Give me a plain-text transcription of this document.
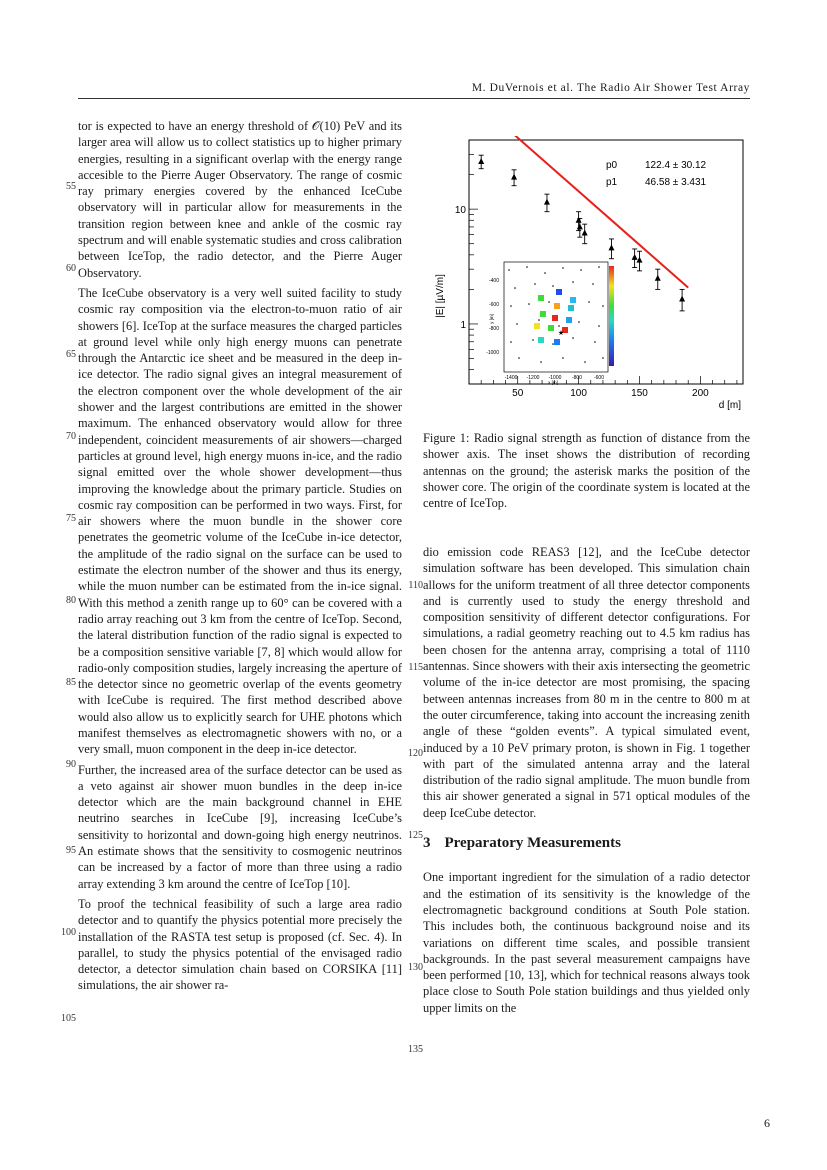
M. DuVernois et al. The Radio Air Shower Test Array

tor is expected to have an energy threshold of 𝒪(10) PeV and its larger area will allow us to collect statistics up to higher primary energies, resulting in a significant overlap with the energy range accesible to the Pierre Auger Observatory. The range of cosmic ray primary energies covered by the enhanced IceCube observatory will in particular allow for measurements in the transition region between knee and ankle of the cosmic ray spectrum and will enable systematic studies and cross calibration between IceTop, the radio detector, and the Pierre Auger Observatory.

The IceCube observatory is a very well suited facility to study cosmic ray composition via the electron-to-muon ratio of air showers [6]. IceTop at the surface measures the charged particles at ground level while only high energy muons can penetrate through the Antarctic ice sheet and be measured in the deep in-ice detector. The radio signal gives an integral measurement of the electron component over the whole development of the air shower and the largest contributions are emitted in the shower maximum. The enhanced observatory would allow for three independent, coincident measurements of air showers—charged particles at ground level, high energy muons in-ice, and the radio signal emitted over the whole shower development—thus improving the knowledge about the primary particle. Studies on cosmic ray composition can be performed in two ways. First, for air showers where the muon bundle in the shower core penetrates the geometric volume of the IceCube in-ice detector, the amplitude of the radio signal on the surface can be used to estimate the electron number of the shower and thus its energy, while the muon number can be estimated from the in-ice signal. With this method a zenith range up to 60° can be covered with a radio array reaching out 3 km from the centre of IceTop. Second, the lateral distribution function of the radio signal is expected to be a composition sensitive variable [7, 8] which would allow for radio-only composition studies, largely increasing the aperture of the detector since no geometric overlap of the events geometry with IceCube is required. The first method described above would also allow us to explicitly search for UHE photons which manifest themselves as electromagnetic showers with no, or a very small, muon component in the deep in-ice detector.

Further, the increased area of the surface detector can be used as a veto against air shower muon bundles in the deep in-ice detector which are the main background channel in EHE neutrino searches in IceCube [9], increasing IceCube’s sensitivity to horizontal and down-going high energy neutrinos. An estimate shows that the sensitivity to cosmogenic neutrinos can be increased by a factor of more than three using a radio array extending 3 km around the centre of IceTop [10].

To proof the technical feasibility of such a large area radio detector and to quantify the physics potential more precisely the installation of the RASTA test setup is proposed (cf. Sec. 4). In parallel, to study the physics potential of the envisaged radio detector, a detector simulation chain based on CORSIKA [11] simulations, the air shower ra-

55
60
65
70
75
80
85
90
95
100
105
50	100	150	200
1
10
d [m]
|E| [µV/m]
p0	122.4 ± 30.12
p1	46.58 ± 3.431
★
-400
-600
-800
-1000
-1400 -1200 -1000 -800 -600
x [m]
y [m]
Figure 1: Radio signal strength as function of distance from the shower axis. The inset shows the distribution of recording antennas on the ground; the asterisk marks the position of the shower core. The origin of the coordinate system is located at the centre of IceTop.

dio emission code REAS3 [12], and the IceCube detector simulation software has been developed. This simulation chain allows for the uniform treatment of all three detector components and is currently used to study the energy threshold and composition sensitivity of different detector configurations. For simulations, a radial geometry reaching out to 4.5 km radius has been chosen for the antenna array, comprising a total of 1110 antennas. Since showers with their axis intersecting the geometric volume of the in-ice detector are most promising, the spacing between antennas increases from 80 m in the centre to 800 m at the outer circumference, taking into account the increasing zenith angle of these “golden events”. A typical simulated event, induced by a 10 PeV primary proton, is shown in Fig. 1 together with part of the simulated antenna array and the lateral distribution of the radio signal amplitude. The muon bundle from this air shower generated a signal in 571 optical modules of the deep IceCube detector.

3 Preparatory Measurements

One important ingredient for the simulation of a radio detector and the estimation of its sensitivity is the knowledge of the electromagnetic background conditions at South Pole station. This includes both, the continuous background noise and its variations on different time scales, and possible transient backgrounds. In the past several measurement campaigns have been performed [10, 13], which for technical reasons always took place close to South Pole station buildings and thus yielded only upper limits on the

110
115
120
125
130
135
6
